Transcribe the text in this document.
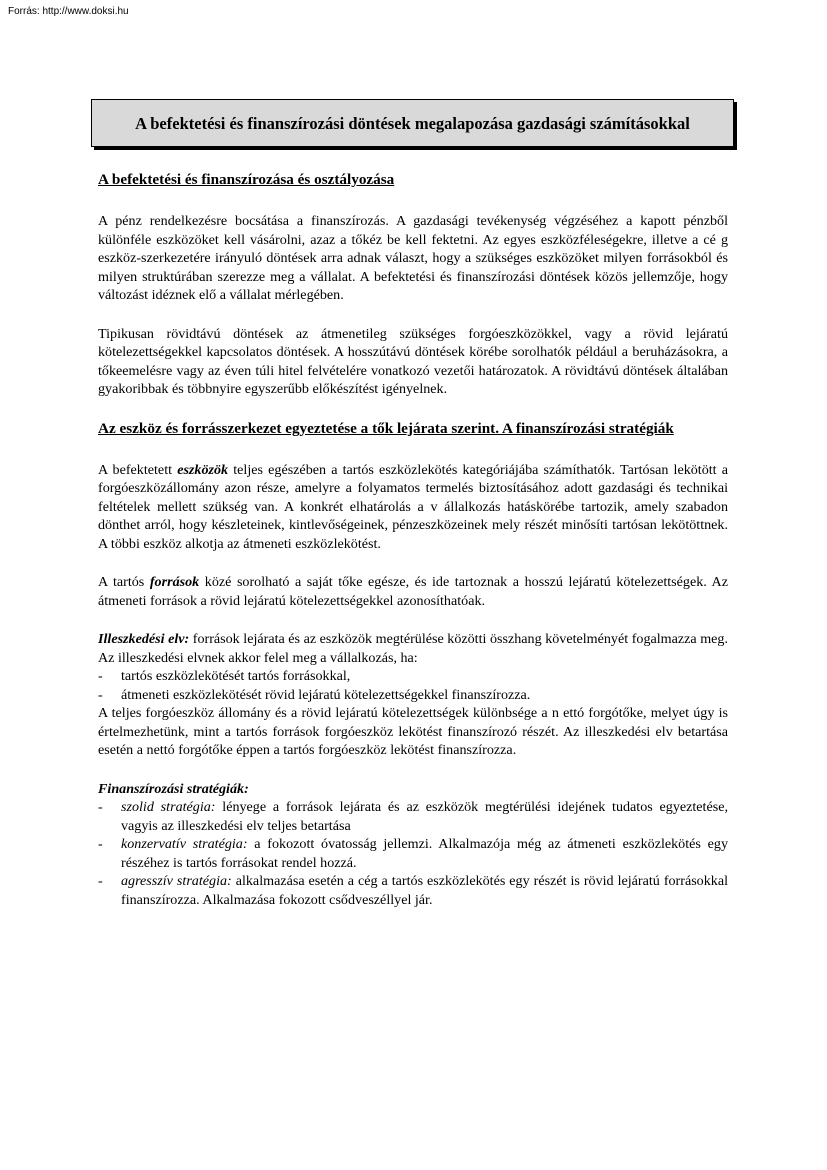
Forrás: http://www.doksi.hu
A befektetési és finanszírozási döntések megalapozása gazdasági számításokkal
A befektetési és finanszírozása és osztályozása

A pénz rendelkezésre bocsátása a finanszírozás. A gazdasági tevékenység végzéséhez a kapott pénzből különféle eszközöket kell vásárolni, azaz a tőkéz be kell fektetni. Az egyes eszközféleségekre, illetve a cé g eszköz-szerkezetére irányuló döntések arra adnak választ, hogy a szükséges eszközöket milyen forrásokból és milyen struktúrában szerezze meg a vállalat. A befektetési és finanszírozási döntések közös jellemzője, hogy változást idéznek elő a vállalat mérlegében.

Tipikusan rövidtávú döntések az átmenetileg szükséges forgóeszközökkel, vagy a rövid lejáratú kötelezettségekkel kapcsolatos döntések. A hosszútávú döntések körébe sorolhatók például a beruházásokra, a tőkeemelésre vagy az éven túli hitel felvételére vonatkozó vezetői határozatok. A rövidtávú döntések általában gyakoribbak és többnyire egyszerűbb előkészítést igényelnek.

Az eszköz és forrásszerkezet egyeztetése a tők lejárata szerint. A finanszírozási stratégiák

A befektetett eszközök teljes egészében a tartós eszközlekötés kategóriájába számíthatók. Tartósan lekötött a forgóeszközállomány azon része, amelyre a folyamatos termelés biztosításához adott gazdasági és technikai feltételek mellett szükség van. A konkrét elhatárolás a v állalkozás hatáskörébe tartozik, amely szabadon dönthet arról, hogy készleteinek, kintlevőségeinek, pénzeszközeinek mely részét minősíti tartósan lekötöttnek. A többi eszköz alkotja az átmeneti eszközlekötést.

A tartós források közé sorolható a saját tőke egésze, és ide tartoznak a hosszú lejáratú kötelezettségek. Az átmeneti források a rövid lejáratú kötelezettségekkel azonosíthatóak.

Illeszkedési elv: források lejárata és az eszközök megtérülése közötti összhang követelményét fogalmazza meg. Az illeszkedési elvnek akkor felel meg a vállalkozás, ha:

- tartós eszközlekötését tartós forrásokkal,
- átmeneti eszközlekötését rövid lejáratú kötelezettségekkel finanszírozza.

A teljes forgóeszköz állomány és a rövid lejáratú kötelezettségek különbsége a n ettó forgótőke, melyet úgy is értelmezhetünk, mint a tartós források forgóeszköz lekötést finanszírozó részét. Az illeszkedési elv betartása esetén a nettó forgótőke éppen a tartós forgóeszköz lekötést finanszírozza.

Finanszírozási stratégiák:

- szolid stratégia: lényege a források lejárata és az eszközök megtérülési idejének tudatos egyeztetése, vagyis az illeszkedési elv teljes betartása
- konzervatív stratégia: a fokozott óvatosság jellemzi. Alkalmazója még az átmeneti eszközlekötés egy részéhez is tartós forrásokat rendel hozzá.
- agresszív stratégia: alkalmazása esetén a cég a tartós eszközlekötés egy részét is rövid lejáratú forrásokkal finanszírozza. Alkalmazása fokozott csődveszéllyel jár.
